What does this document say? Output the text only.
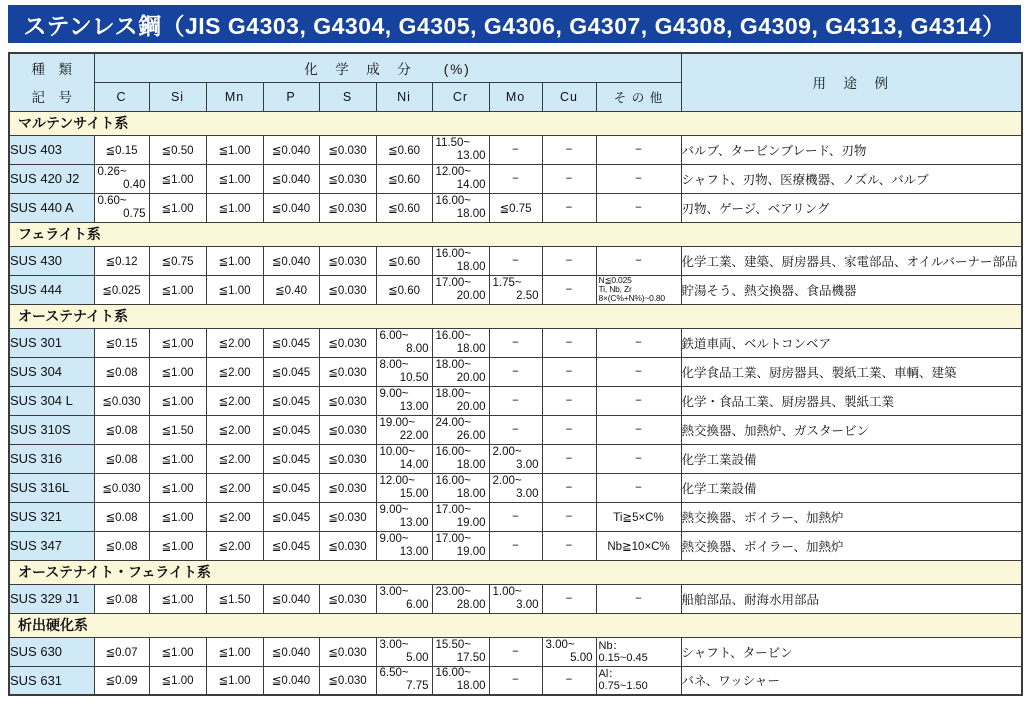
ステンレス鋼（JIS G4303, G4304, G4305, G4306, G4307, G4308, G4309, G4313, G4314）
種　類
記　号	化　学　成　分　　(%)										用　途　例
	C	Si	Mn	P	S	Ni	Cr	Mo	Cu	そ の 他	
マルテンサイト系											
SUS 403	≦0.15	≦0.50	≦1.00	≦0.040	≦0.030	≦0.60	11.50~
13.00	−	−	−	バルブ、タービンブレード、刃物
SUS 420 J2	0.26~
0.40	≦1.00	≦1.00	≦0.040	≦0.030	≦0.60	12.00~
14.00	−	−	−	シャフト、刃物、医療機器、ノズル、バルブ
SUS 440 A	0.60~
0.75	≦1.00	≦1.00	≦0.040	≦0.030	≦0.60	16.00~
18.00	≦0.75	−	−	刃物、ゲージ、ベアリング
フェライト系											
SUS 430	≦0.12	≦0.75	≦1.00	≦0.040	≦0.030	≦0.60	16.00~
18.00	−	−	−	化学工業、建築、厨房器具、家電部品、オイルバーナー部品
SUS 444	≦0.025	≦1.00	≦1.00	≦0.40	≦0.030	≦0.60	17.00~
20.00	1.75~
2.50	−	N≦0.025
Ti, Nb, Zr
8×(C%+N%)~0.80	貯湯そう、熱交換器、食品機器
オーステナイト系											
SUS 301	≦0.15	≦1.00	≦2.00	≦0.045	≦0.030	6.00~
8.00	16.00~
18.00	−	−	−	鉄道車両、ベルトコンベア
SUS 304	≦0.08	≦1.00	≦2.00	≦0.045	≦0.030	8.00~
10.50	18.00~
20.00	−	−	−	化学食品工業、厨房器具、製紙工業、車輌、建築
SUS 304 L	≦0.030	≦1.00	≦2.00	≦0.045	≦0.030	9.00~
13.00	18.00~
20.00	−	−	−	化学・食品工業、厨房器具、製紙工業
SUS 310S	≦0.08	≦1.50	≦2.00	≦0.045	≦0.030	19.00~
22.00	24.00~
26.00	−	−	−	熱交換器、加熱炉、ガスタービン
SUS 316	≦0.08	≦1.00	≦2.00	≦0.045	≦0.030	10.00~
14.00	16.00~
18.00	2.00~
3.00	−	−	化学工業設備
SUS 316L	≦0.030	≦1.00	≦2.00	≦0.045	≦0.030	12.00~
15.00	16.00~
18.00	2.00~
3.00	−	−	化学工業設備
SUS 321	≦0.08	≦1.00	≦2.00	≦0.045	≦0.030	9.00~
13.00	17.00~
19.00	−	−	Ti≧5×C%	熱交換器、ボイラー、加熱炉
SUS 347	≦0.08	≦1.00	≦2.00	≦0.045	≦0.030	9.00~
13.00	17.00~
19.00	−	−	Nb≧10×C%	熱交換器、ボイラー、加熱炉
オーステナイト・フェライト系											
SUS 329 J1	≦0.08	≦1.00	≦1.50	≦0.040	≦0.030	3.00~
6.00	23.00~
28.00	1.00~
3.00	−	−	船舶部品、耐海水用部品
析出硬化系											
SUS 630	≦0.07	≦1.00	≦1.00	≦0.040	≦0.030	3.00~
5.00	15.50~
17.50	−	3.00~
5.00	Nb：
0.15~0.45	シャフト、タービン
SUS 631	≦0.09	≦1.00	≦1.00	≦0.040	≦0.030	6.50~
7.75	16.00~
18.00	−	−	Al：
0.75~1.50	バネ、ワッシャー
